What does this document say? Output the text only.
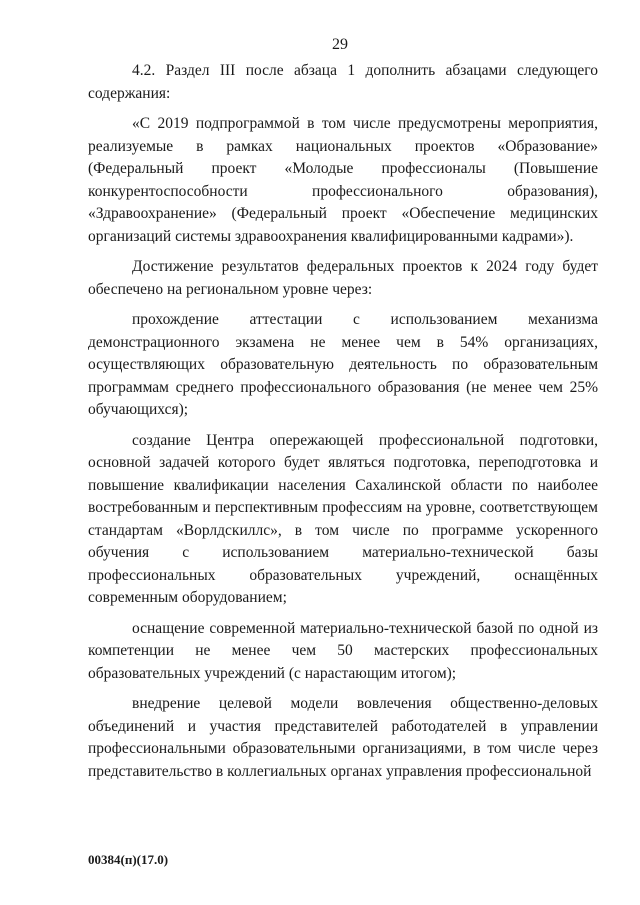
29

4.2. Раздел III после абзаца 1 дополнить абзацами следующего содержания:

«С 2019 подпрограммой в том числе предусмотрены мероприятия, реализуемые в рамках национальных проектов «Образование» (Федеральный проект «Молодые профессионалы (Повышение конкурентоспособности профессионального образования), «Здравоохранение» (Федеральный проект «Обеспечение медицинских организаций системы здравоохранения квалифицированными кадрами»).

Достижение результатов федеральных проектов к 2024 году будет обеспечено на региональном уровне через:

прохождение аттестации с использованием механизма демонстрационного экзамена не менее чем в 54% организациях, осуществляющих образовательную деятельность по образовательным программам среднего профессионального образования (не менее чем 25% обучающихся);

создание Центра опережающей профессиональной подготовки, основной задачей которого будет являться подготовка, переподготовка и повышение квалификации населения Сахалинской области по наиболее востребованным и перспективным профессиям на уровне, соответствующем стандартам «Ворлдскиллс», в том числе по программе ускоренного обучения с использованием материально-технической базы профессиональных образовательных учреждений, оснащённых современным оборудованием;

оснащение современной материально-технической базой по одной из компетенции не менее чем 50 мастерских профессиональных образовательных учреждений (с нарастающим итогом);

внедрение целевой модели вовлечения общественно-деловых объединений и участия представителей работодателей в управлении профессиональными образовательными организациями, в том числе через представительство в коллегиальных органах управления профессиональной

00384(п)(17.0)
